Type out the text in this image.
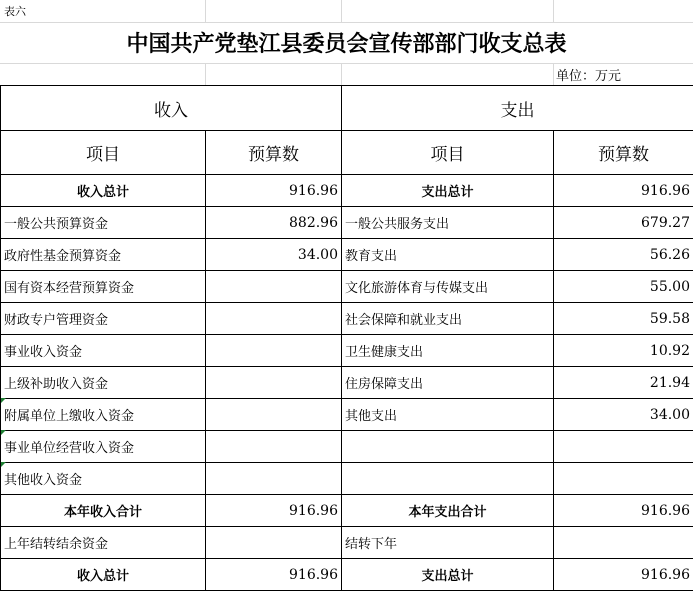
表六
中国共产党垫江县委员会宣传部部门收支总表
单位：万元
收入		支出	
项目	预算数	项目	预算数
收入总计	916.96	支出总计	916.96
一般公共预算资金	882.96	一般公共服务支出	679.27
政府性基金预算资金	34.00	教育支出	56.26
国有资本经营预算资金		文化旅游体育与传媒支出	55.00
财政专户管理资金		社会保障和就业支出	59.58
事业收入资金		卫生健康支出	10.92
上级补助收入资金		住房保障支出	21.94
附属单位上缴收入资金		其他支出	34.00
事业单位经营收入资金			
其他收入资金			
本年收入合计	916.96	本年支出合计	916.96
上年结转结余资金		结转下年	
收入总计	916.96	支出总计	916.96
